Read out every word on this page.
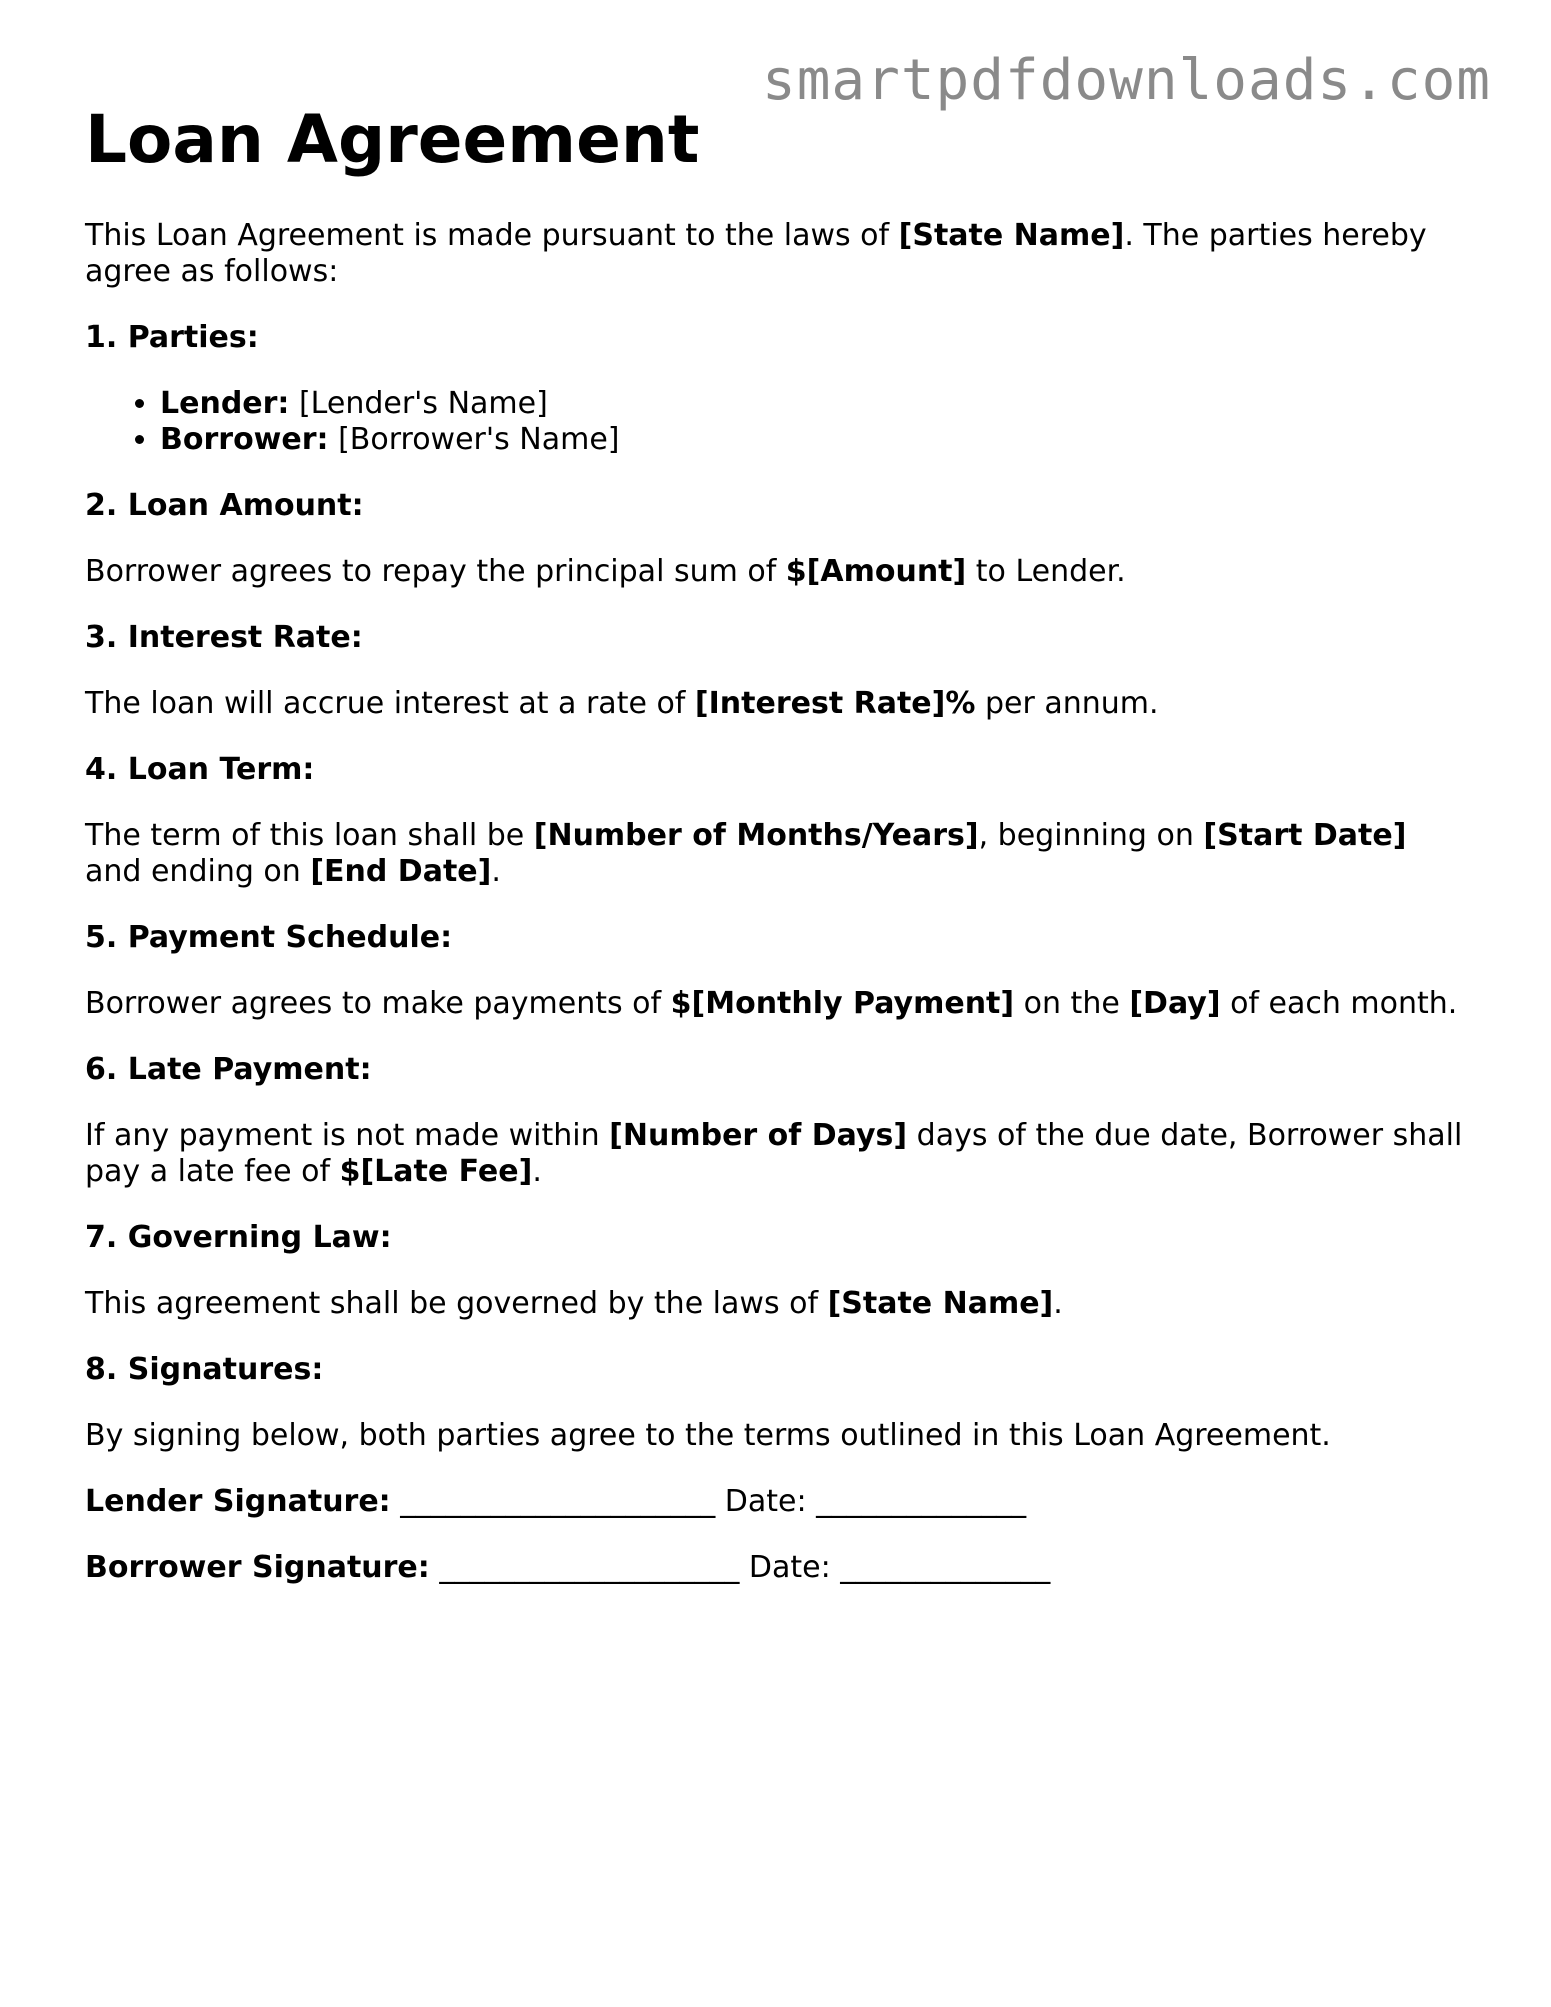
smartpdfdownloads.com
Loan Agreement

This Loan Agreement is made pursuant to the laws of [State Name]. The parties hereby agree as follows:

1. Parties:
• Lender: [Lender's Name]
• Borrower: [Borrower's Name]
2. Loan Amount:

Borrower agrees to repay the principal sum of $[Amount] to Lender.

3. Interest Rate:

The loan will accrue interest at a rate of [Interest Rate]% per annum.

4. Loan Term:

The term of this loan shall be [Number of Months/Years], beginning on [Start Date] and ending on [End Date].

5. Payment Schedule:

Borrower agrees to make payments of $[Monthly Payment] on the [Day] of each month.

6. Late Payment:

If any payment is not made within [Number of Days] days of the due date, Borrower shall pay a late fee of $[Late Fee].

7. Governing Law:

This agreement shall be governed by the laws of [State Name].

8. Signatures:

By signing below, both parties agree to the terms outlined in this Loan Agreement.

Lender Signature: _____________________ Date: ______________
Borrower Signature: ____________________ Date: ______________
